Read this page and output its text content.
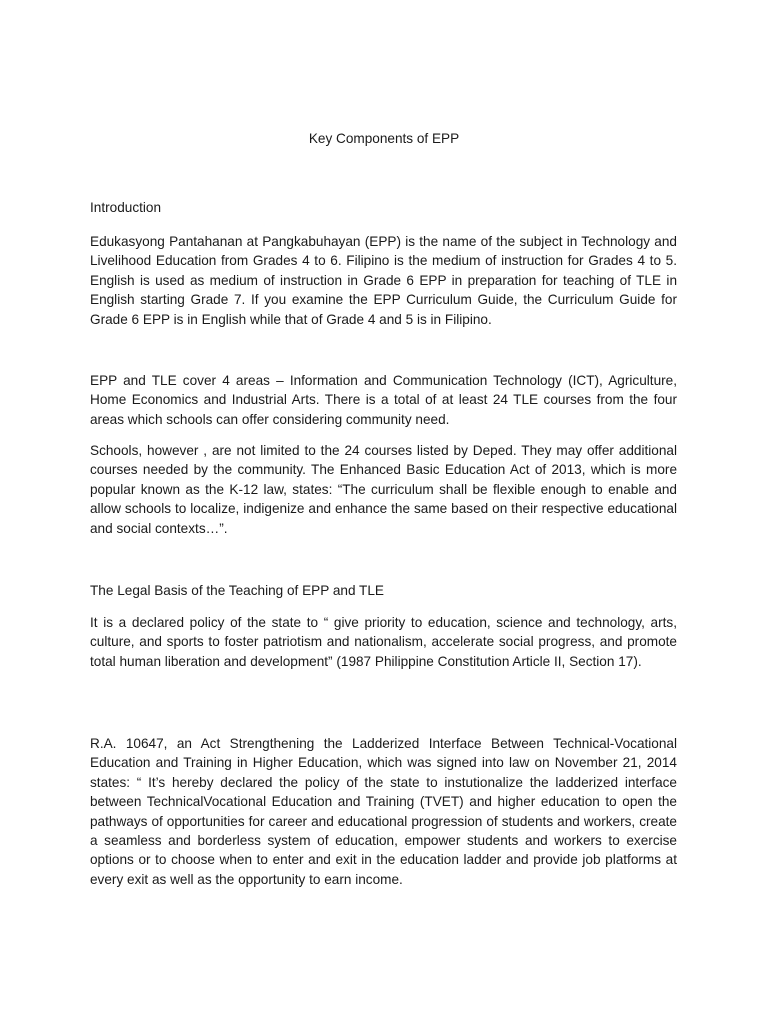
Key Components of EPP
Introduction

Edukasyong Pantahanan at Pangkabuhayan (EPP) is the name of the subject in Technology and Livelihood Education from Grades 4 to 6. Filipino is the medium of instruction for Grades 4 to 5. English is used as medium of instruction in Grade 6 EPP in preparation for teaching of TLE in English starting Grade 7. If you examine the EPP Curriculum Guide, the Curriculum Guide for Grade 6 EPP is in English while that of Grade 4 and 5 is in Filipino.

EPP and TLE cover 4 areas – Information and Communication Technology (ICT), Agriculture, Home Economics and Industrial Arts. There is a total of at least 24 TLE courses from the four areas which schools can offer considering community need.

Schools, however , are not limited to the 24 courses listed by Deped. They may offer additional courses needed by the community. The Enhanced Basic Education Act of 2013, which is more popular known as the K-12 law, states: “The curriculum shall be flexible enough to enable and allow schools to localize, indigenize and enhance the same based on their respective educational and social contexts…”.

The Legal Basis of the Teaching of EPP and TLE

It is a declared policy of the state to “ give priority to education, science and technology, arts, culture, and sports to foster patriotism and nationalism, accelerate social progress, and promote total human liberation and development” (1987 Philippine Constitution Article II, Section 17).

R.A. 10647, an Act Strengthening the Ladderized Interface Between Technical-Vocational Education and Training in Higher Education, which was signed into law on November 21, 2014 states: “ It’s hereby declared the policy of the state to instutionalize the ladderized interface between TechnicalVocational Education and Training (TVET) and higher education to open the pathways of opportunities for career and educational progression of students and workers, create a seamless and borderless system of education, empower students and workers to exercise options or to choose when to enter and exit in the education ladder and provide job platforms at every exit as well as the opportunity to earn income.
